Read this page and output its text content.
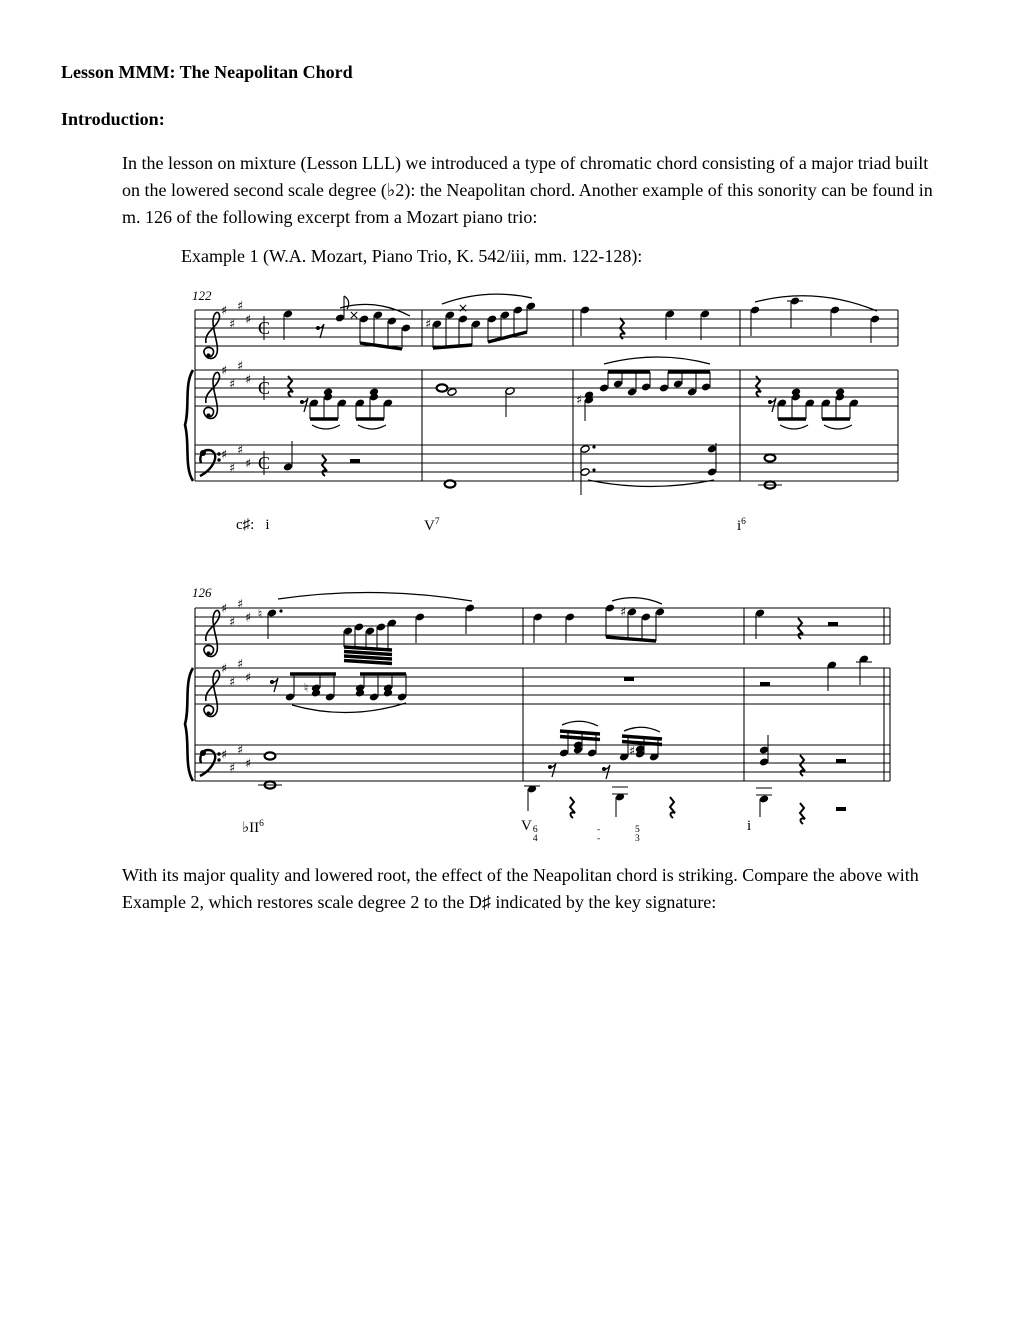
Lesson MMM: The Neapolitan Chord
Introduction:
In the lesson on mixture (Lesson LLL) we introduced a type of chromatic chord consisting of a major triad built on the lowered second scale degree (♭2): the Neapolitan chord. Another example of this sonority can be found in m. 126 of the following excerpt from a Mozart piano trio:
Example 1 (W.A. Mozart, Piano Trio, K. 542/iii, mm. 122-128):
122
♯
♯
♯
♯
♯
♯
♯
♯
♯
♯
♯
♯
C
C
C
×
♯
×
♯
c♯: i	$V^7$	$i^6$
126
♯
♯
♯
♯
♯
♯
♯
♯
♯
♯
♯
♯
♮	♯
♮
♯
$♭II^6$	V 6
4
-
-
5
3
i
With its major quality and lowered root, the effect of the Neapolitan chord is striking. Compare the above with Example 2, which restores scale degree 2 to the D♯ indicated by the key signature:
